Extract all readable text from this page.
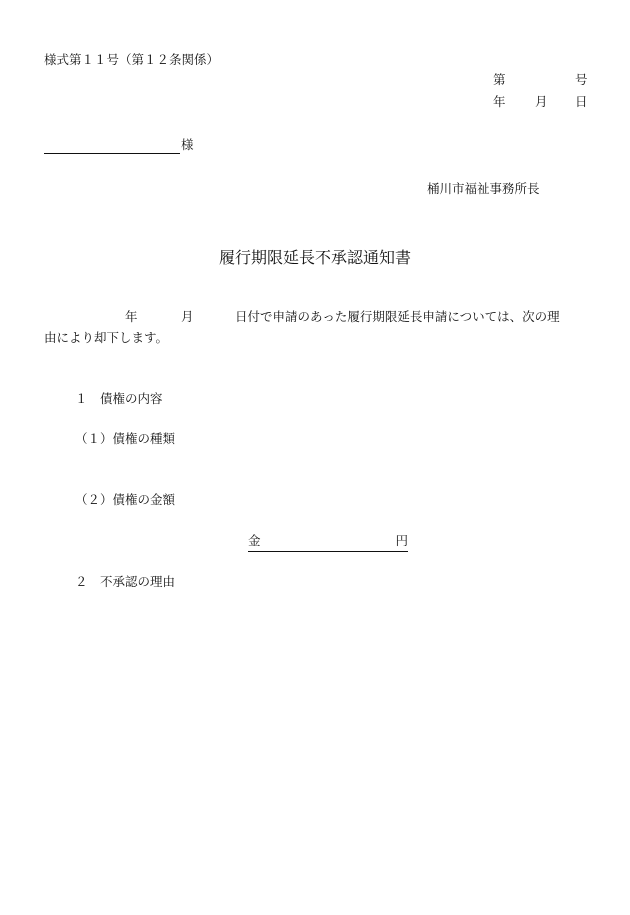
様式第１１号（第１２条関係）
第	号
年 月 日
様
桶川市福祉事務所長
履行期限延長不承認通知書
年	月	日付で申請のあった履行期限延長申請については、次の理
由により却下します。
１　債権の内容
（１）債権の種類
（２）債権の金額
金	円
２　不承認の理由
